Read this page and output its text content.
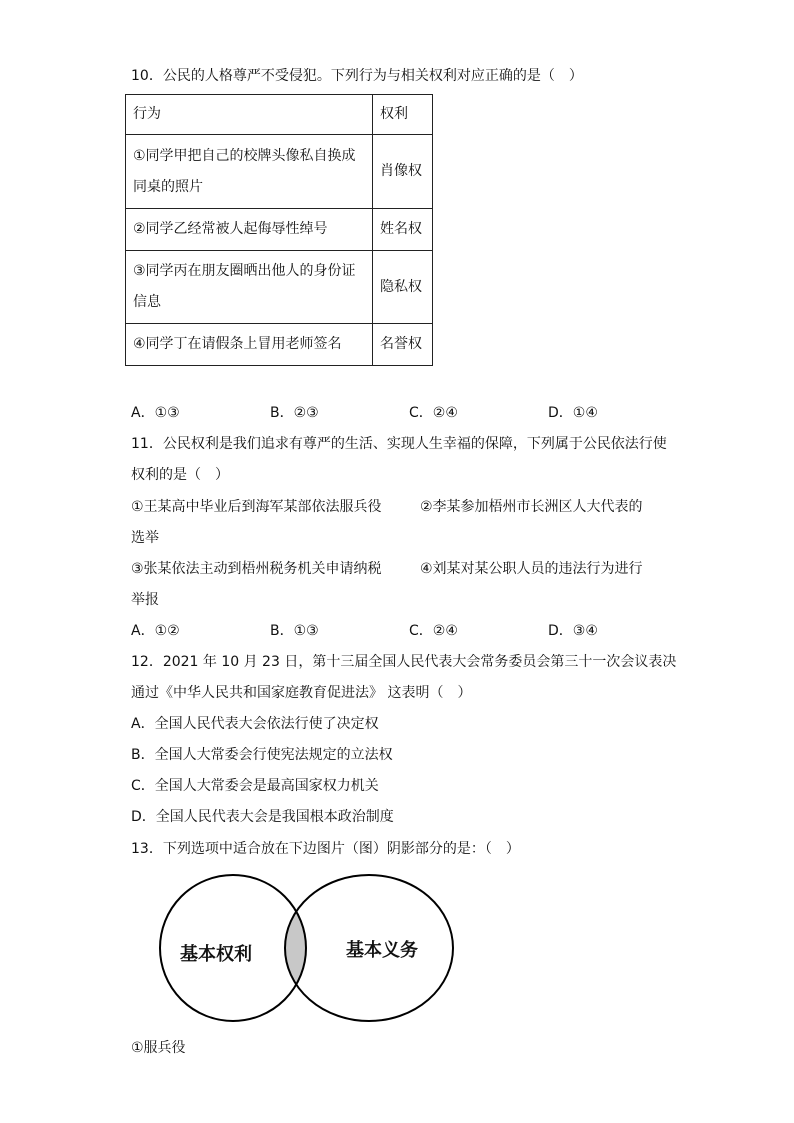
10．公民的人格尊严不受侵犯。下列行为与相关权利对应正确的是（　）
行为	权利

①同学甲把自己的校牌头像私自换成
同桌的照片	肖像权
②同学乙经常被人起侮辱性绰号	姓名权

③同学丙在朋友圈晒出他人的身份证
信息	隐私权
④同学丁在请假条上冒用老师签名	名誉权
A．①③	B．②③	C．②④	D．①④
11．公民权利是我们追求有尊严的生活、实现人生幸福的保障，下列属于公民依法行使
权利的是（　）
①王某高中毕业后到海军某部依法服兵役	②李某参加梧州市长洲区人大代表的
选举
③张某依法主动到梧州税务机关申请纳税	④刘某对某公职人员的违法行为进行
举报
A．①②	B．①③	C．②④	D．③④
12．2021 年 10 月 23 日，第十三届全国人民代表大会常务委员会第三十一次会议表决
通过《中华人民共和国家庭教育促进法》 这表明（　）
A．全国人民代表大会依法行使了决定权
B．全国人大常委会行使宪法规定的立法权
C．全国人大常委会是最高国家权力机关
D．全国人民代表大会是我国根本政治制度
13．下列选项中适合放在下边图片（图）阴影部分的是：（　）
基本权利	基本义务
①服兵役
